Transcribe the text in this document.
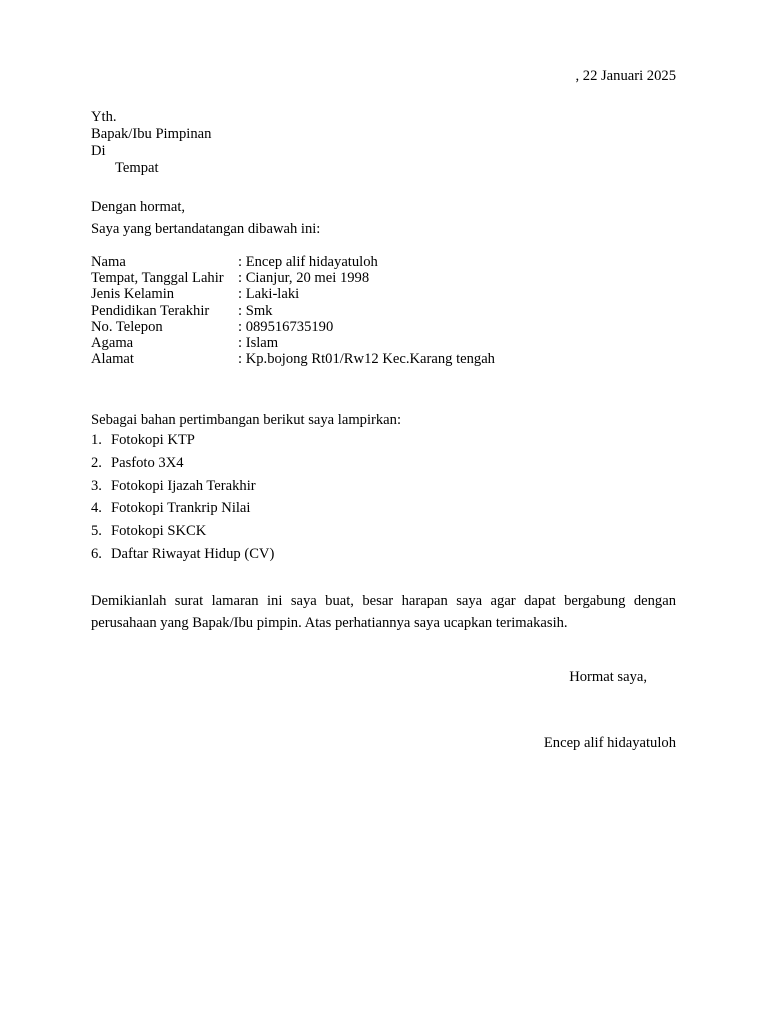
, 22 Januari 2025
Yth.
Bapak/Ibu Pimpinan
Di
Tempat
Dengan hormat,
Saya yang bertandatangan dibawah ini:
Nama	: Encep alif hidayatuloh
Tempat, Tanggal Lahir : Cianjur, 20 mei 1998
Jenis Kelamin	: Laki-laki
Pendidikan Terakhir	: Smk
No. Telepon	: 089516735190
Agama	: Islam
Alamat	: Kp.bojong Rt01/Rw12 Kec.Karang tengah
Sebagai bahan pertimbangan berikut saya lampirkan:
1. Fotokopi KTP
2. Pasfoto 3X4
3. Fotokopi Ijazah Terakhir
4. Fotokopi Trankrip Nilai
5. Fotokopi SKCK
6. Daftar Riwayat Hidup (CV)
Demikianlah surat lamaran ini saya buat, besar harapan saya agar dapat bergabung dengan perusahaan yang Bapak/Ibu pimpin. Atas perhatiannya saya ucapkan terimakasih.
Hormat saya,
Encep alif hidayatuloh
